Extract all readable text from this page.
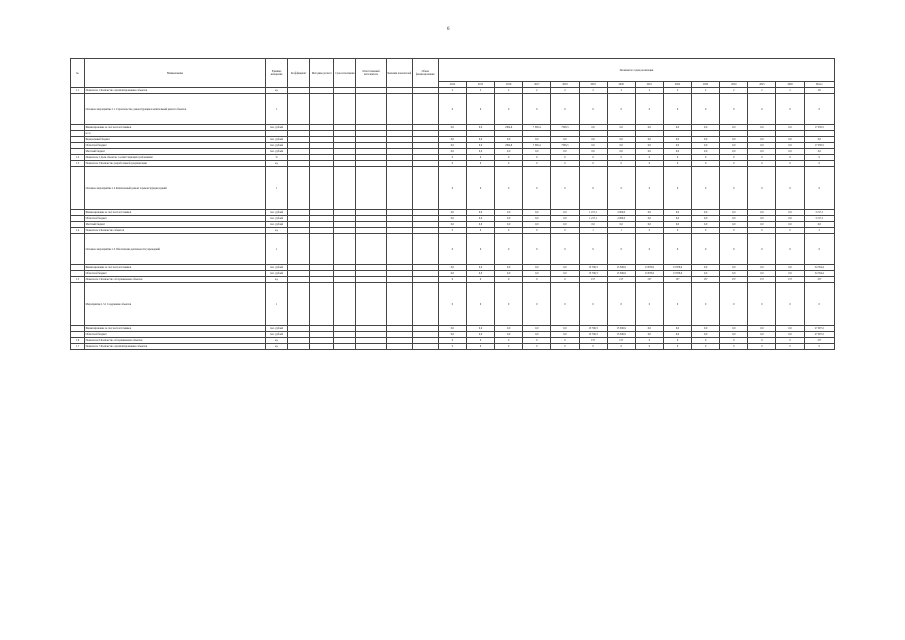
6
№	Наименование	Единица измерения	Коэффициент	Методика расчета	Срок исполнения	Ответственный исполнитель	Значения показателей	Объем финансирования	Значения по годам реализации													
									2014	2015	2016	2017	2018	2019	2020	2021	2022	2023	2024	2025	2026	Итого
1.1	Показатель 1 Количество отремонтированных объектов	ед.							2	2	2	2	2	2	2	2	2	2	2	2	2	26
	Основное мероприятие 1.1 Строительство, реконструкция и капитальный ремонт объектов	1							0	0	0	0	0	0	0	0	0	0	0	0	0	0
	Финансирование за счет всех источников	тыс. рублей							0,0	0,0	2304,6	7 365,4	7365,5	0,0	0,0	0,0	0,0	0,0	0,0	0,0	0,0	17 035,5
	в т.ч.																					
	Федеральный бюджет	тыс. рублей							0,0	0,0	0,0	0,0	0,0	0,0	0,0	0,0	0,0	0,0	0,0	0,0	0,0	0,0
	Областной бюджет	тыс. рублей							0,0	0,0	2304,6	7 365,4	7365,5	0,0	0,0	0,0	0,0	0,0	0,0	0,0	0,0	17 035,5
	Местный бюджет	тыс. рублей							0,0	0,0	0,0	0,0	0,0	0,0	0,0	0,0	0,0	0,0	0,0	0,0	0,0	0,0
1.2	Показатель 2 Доля объектов, соответствующих требованиям	%							0	0	0	0	0	0	0	0	0	0	0	0	0	0
1.3	Показатель 3 Количество разработанной документации	ед.							0	0	0	0	0	0	0	0	0	0	0	0	0	0
	Основное мероприятие 1.2 Капитальный ремонт и реконструкция зданий	1							0	0	0	0	0	0	0	0	0	0	0	0	0	0
	Финансирование за счет всех источников	тыс. рублей							0,0	0,0	0,0	0,0	0,0	1 217,1	2 000,0	0,0	0,0	0,0	0,0	0,0	0,0	3 217,1
	Областной бюджет	тыс. рублей							0,0	0,0	0,0	0,0	0,0	1 217,1	2 000,0	0,0	0,0	0,0	0,0	0,0	0,0	3 217,1
	Местный бюджет	тыс. рублей							0,0	0,0	0,0	0,0	0,0	0,0	0,0	0,0	0,0	0,0	0,0	0,0	0,0	0,0
1.4	Показатель 4 Количество объектов	ед.							0	0	0	0	0	1	1	0	0	0	0	0	0	2
	Основное мероприятие 1.3 Обеспечение деятельности учреждений	1							0	0	0	0	0	0	0	0	0	0	0	0	0	0
	Финансирование за счет всех источников	тыс. рублей							0,0	0,0	0,0	0,0	0,0	13 700,3	13 306,9	13 878,6	13 878,6	0,0	0,0	0,0	0,0	54 764,4
	Областной бюджет	тыс. рублей							0,0	0,0	0,0	0,0	0,0	13 700,3	13 306,9	13 878,6	13 878,6	0,0	0,0	0,0	0,0	54 764,4
1.5	Показатель 5 Количество обслуживаемых объектов	ед.							0	0	0	0	0	157	157	157	157	157	157	157	157	157
	Мероприятие 1.3.1 Содержание объектов	1							0	0	0	0	0	0	0	0	0	0	0	0	0	0
	Финансирование за счет всех источников	тыс. рублей							0,0	0,0	0,0	0,0	0,0	13 700,3	13 306,9	0,0	0,0	0,0	0,0	0,0	0,0	27 007,2
	Областной бюджет	тыс. рублей							0,0	0,0	0,0	0,0	0,0	13 700,3	13 306,9	0,0	0,0	0,0	0,0	0,0	0,0	27 007,2
1.6	Показатель 6 Количество обслуживаемых объектов	ед.							0	0	0	0	0	157	157	0	0	0	0	0	0	157
1.7	Показатель 7 Количество отремонтированных объектов	ед.							0	0	0	0	0	0	0	0	0	0	0	0	0	0
